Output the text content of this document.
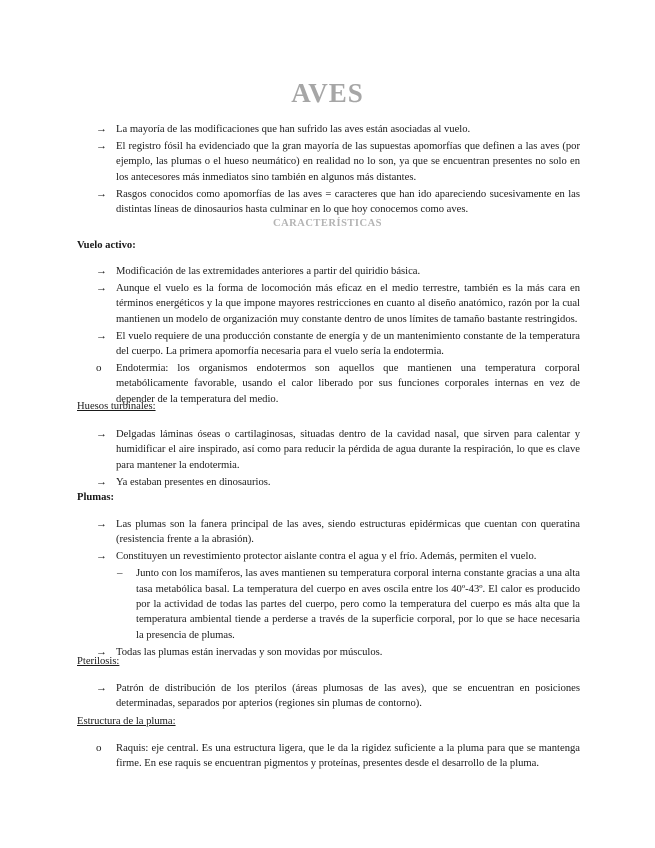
AVES
→ La mayoría de las modificaciones que han sufrido las aves están asociadas al vuelo.
→ El registro fósil ha evidenciado que la gran mayoría de las supuestas apomorfías que definen a las aves (por ejemplo, las plumas o el hueso neumático) en realidad no lo son, ya que se encuentran presentes no solo en los antecesores más inmediatos sino también en algunos más distantes.
→ Rasgos conocidos como apomorfías de las aves = caracteres que han ido apareciendo sucesivamente en las distintas líneas de dinosaurios hasta culminar en lo que hoy conocemos como aves.
CARACTERÍSTICAS

Vuelo activo:

→ Modificación de las extremidades anteriores a partir del quiridio básica.
→ Aunque el vuelo es la forma de locomoción más eficaz en el medio terrestre, también es la más cara en términos energéticos y la que impone mayores restricciones en cuanto al diseño anatómico, razón por la cual mantienen un modelo de organización muy constante dentro de unos límites de tamaño bastante restringidos.
→ El vuelo requiere de una producción constante de energía y de un mantenimiento constante de la temperatura del cuerpo. La primera apomorfía necesaria para el vuelo sería la endotermia.
o Endotermia: los organismos endotermos son aquellos que mantienen una temperatura corporal metabólicamente favorable, usando el calor liberado por sus funciones corporales internas en vez de depender de la temperatura del medio.

Huesos turbinales:

→ Delgadas láminas óseas o cartilaginosas, situadas dentro de la cavidad nasal, que sirven para calentar y humidificar el aire inspirado, así como para reducir la pérdida de agua durante la respiración, lo que es clave para mantener la endotermia.
→ Ya estaban presentes en dinosaurios.

Plumas:

→ Las plumas son la fanera principal de las aves, siendo estructuras epidérmicas que cuentan con queratina (resistencia frente a la abrasión).
→ Constituyen un revestimiento protector aislante contra el agua y el frío. Además, permiten el vuelo.
– Junto con los mamíferos, las aves mantienen su temperatura corporal interna constante gracias a una alta tasa metabólica basal. La temperatura del cuerpo en aves oscila entre los 40º-43º. El calor es producido por la actividad de todas las partes del cuerpo, pero como la temperatura del cuerpo es más alta que la temperatura ambiental tiende a perderse a través de la superficie corporal, por lo que se hace necesaria la presencia de plumas.
→ Todas las plumas están inervadas y son movidas por músculos.

Pterilosis:

→ Patrón de distribución de los pterilos (áreas plumosas de las aves), que se encuentran en posiciones determinadas, separados por apterios (regiones sin plumas de contorno).

Estructura de la pluma:

o Raquis: eje central. Es una estructura ligera, que le da la rigidez suficiente a la pluma para que se mantenga firme. En ese raquis se encuentran pigmentos y proteínas, presentes desde el desarrollo de la pluma.
